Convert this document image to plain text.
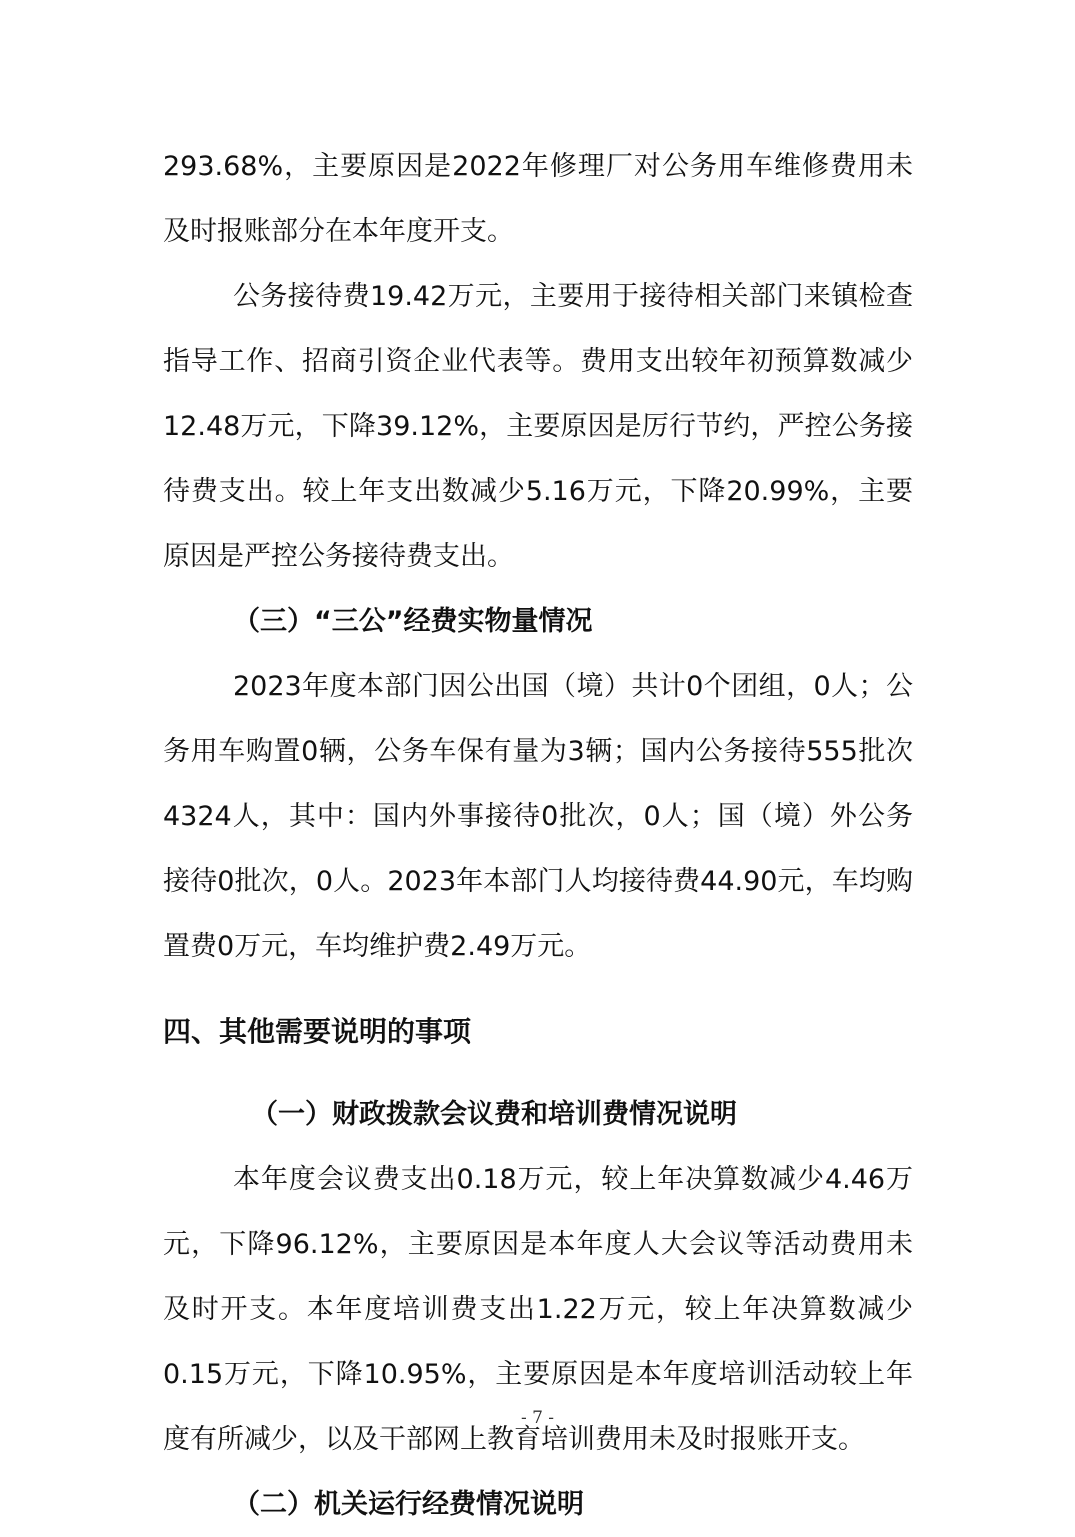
293.68%，主要原因是2022年修理厂对公务用车维修费用未及时报账部分在本年度开支。

公务接待费19.42万元，主要用于接待相关部门来镇检查指导工作、招商引资企业代表等。费用支出较年初预算数减少12.48万元，下降39.12%，主要原因是厉行节约，严控公务接待费支出。较上年支出数减少5.16万元，下降20.99%，主要原因是严控公务接待费支出。

（三）“三公”经费实物量情况

2023年度本部门因公出国（境）共计0个团组，0人；公务用车购置0辆，公务车保有量为3辆；国内公务接待555批次4324人，其中：国内外事接待0批次，0人；国（境）外公务接待0批次，0人。2023年本部门人均接待费44.90元，车均购置费0万元，车均维护费2.49万元。

四、其他需要说明的事项

（一）财政拨款会议费和培训费情况说明

本年度会议费支出0.18万元，较上年决算数减少4.46万元，下降96.12%，主要原因是本年度人大会议等活动费用未及时开支。本年度培训费支出1.22万元，较上年决算数减少0.15万元，下降10.95%，主要原因是本年度培训活动较上年度有所减少，以及干部网上教育培训费用未及时报账开支。

（二）机关运行经费情况说明

- 7 -
